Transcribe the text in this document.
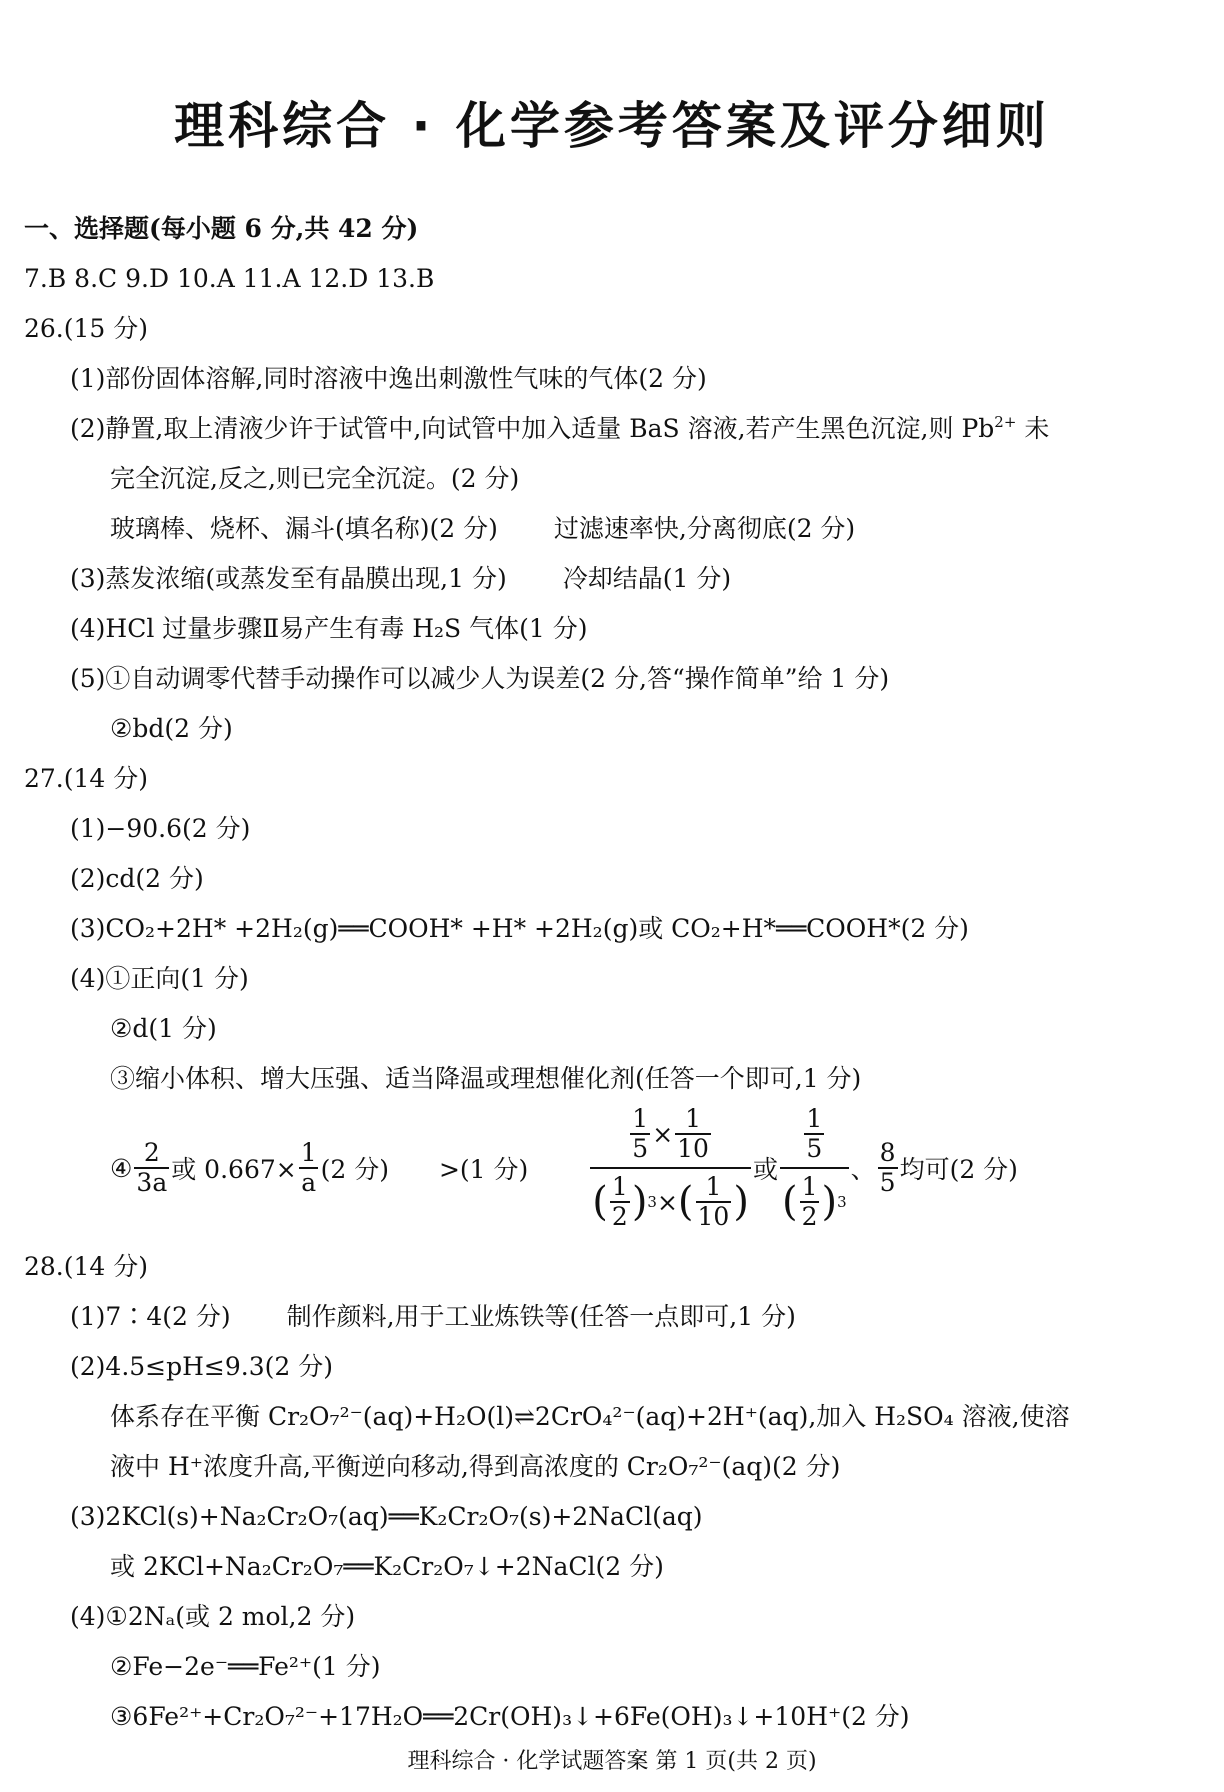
理科综合 · 化学参考答案及评分细则
一、选择题(每小题 6 分,共 42 分)
7.B 8.C 9.D 10.A 11.A 12.D 13.B
26.(15 分)
(1)部份固体溶解,同时溶液中逸出刺激性气味的气体(2 分)
(2)静置,取上清液少许于试管中,向试管中加入适量 BaS 溶液,若产生黑色沉淀,则 $Pb^{2+}$ 未
完全沉淀,反之,则已完全沉淀。(2 分)
玻璃棒、烧杯、漏斗(填名称)(2 分) 过滤速率快,分离彻底(2 分)
(3)蒸发浓缩(或蒸发至有晶膜出现,1 分) 冷却结晶(1 分)
(4)HCl 过量步骤Ⅱ易产生有毒 H₂S 气体(1 分)
(5)①自动调零代替手动操作可以减少人为误差(2 分,答“操作简单”给 1 分)
②bd(2 分)
27.(14 分)
(1)−90.6(2 分)
(2)cd(2 分)
(3)CO₂+2H* +2H₂(g)══COOH* +H* +2H₂(g)或 CO₂+H*══COOH*(2 分)
(4)①正向(1 分)
②d(1 分)
③缩小体积、增大压强、适当降温或理想催化剂(任答一个即可,1 分)
④ $\frac{2}{3a}$ 或 $0.667\times \frac{1}{a} (2$ 分) >(1 分) $\frac{\frac{1}{5} \times \frac{1}{10}}{( \frac{1}{2} ) 3 \times ( \frac{1}{10} )}$ 或 $\frac{\frac{1}{5}}{( \frac{1}{2} ) 3}$ 、 $\frac{8}{5}$ 均可(2 分)
28.(14 分)
(1)7∶4(2 分) 制作颜料,用于工业炼铁等(任答一点即可,1 分)
(2)4.5≤pH≤9.3(2 分)
体系存在平衡 Cr₂O₇²⁻(aq)+H₂O(l)⇌2CrO₄²⁻(aq)+2H⁺(aq),加入 H₂SO₄ 溶液,使溶
液中 H⁺浓度升高,平衡逆向移动,得到高浓度的 Cr₂O₇²⁻(aq)(2 分)
(3)2KCl(s)+Na₂Cr₂O₇(aq)══K₂Cr₂O₇(s)+2NaCl(aq)
或 2KCl+Na₂Cr₂O₇══K₂Cr₂O₇↓+2NaCl(2 分)
(4)①2Nₐ(或 2 mol,2 分)
②Fe−2e⁻══Fe²⁺(1 分)
③6Fe²⁺+Cr₂O₇²⁻+17H₂O══2Cr(OH)₃↓+6Fe(OH)₃↓+10H⁺(2 分)
理科综合 · 化学试题答案 第 1 页(共 2 页)
